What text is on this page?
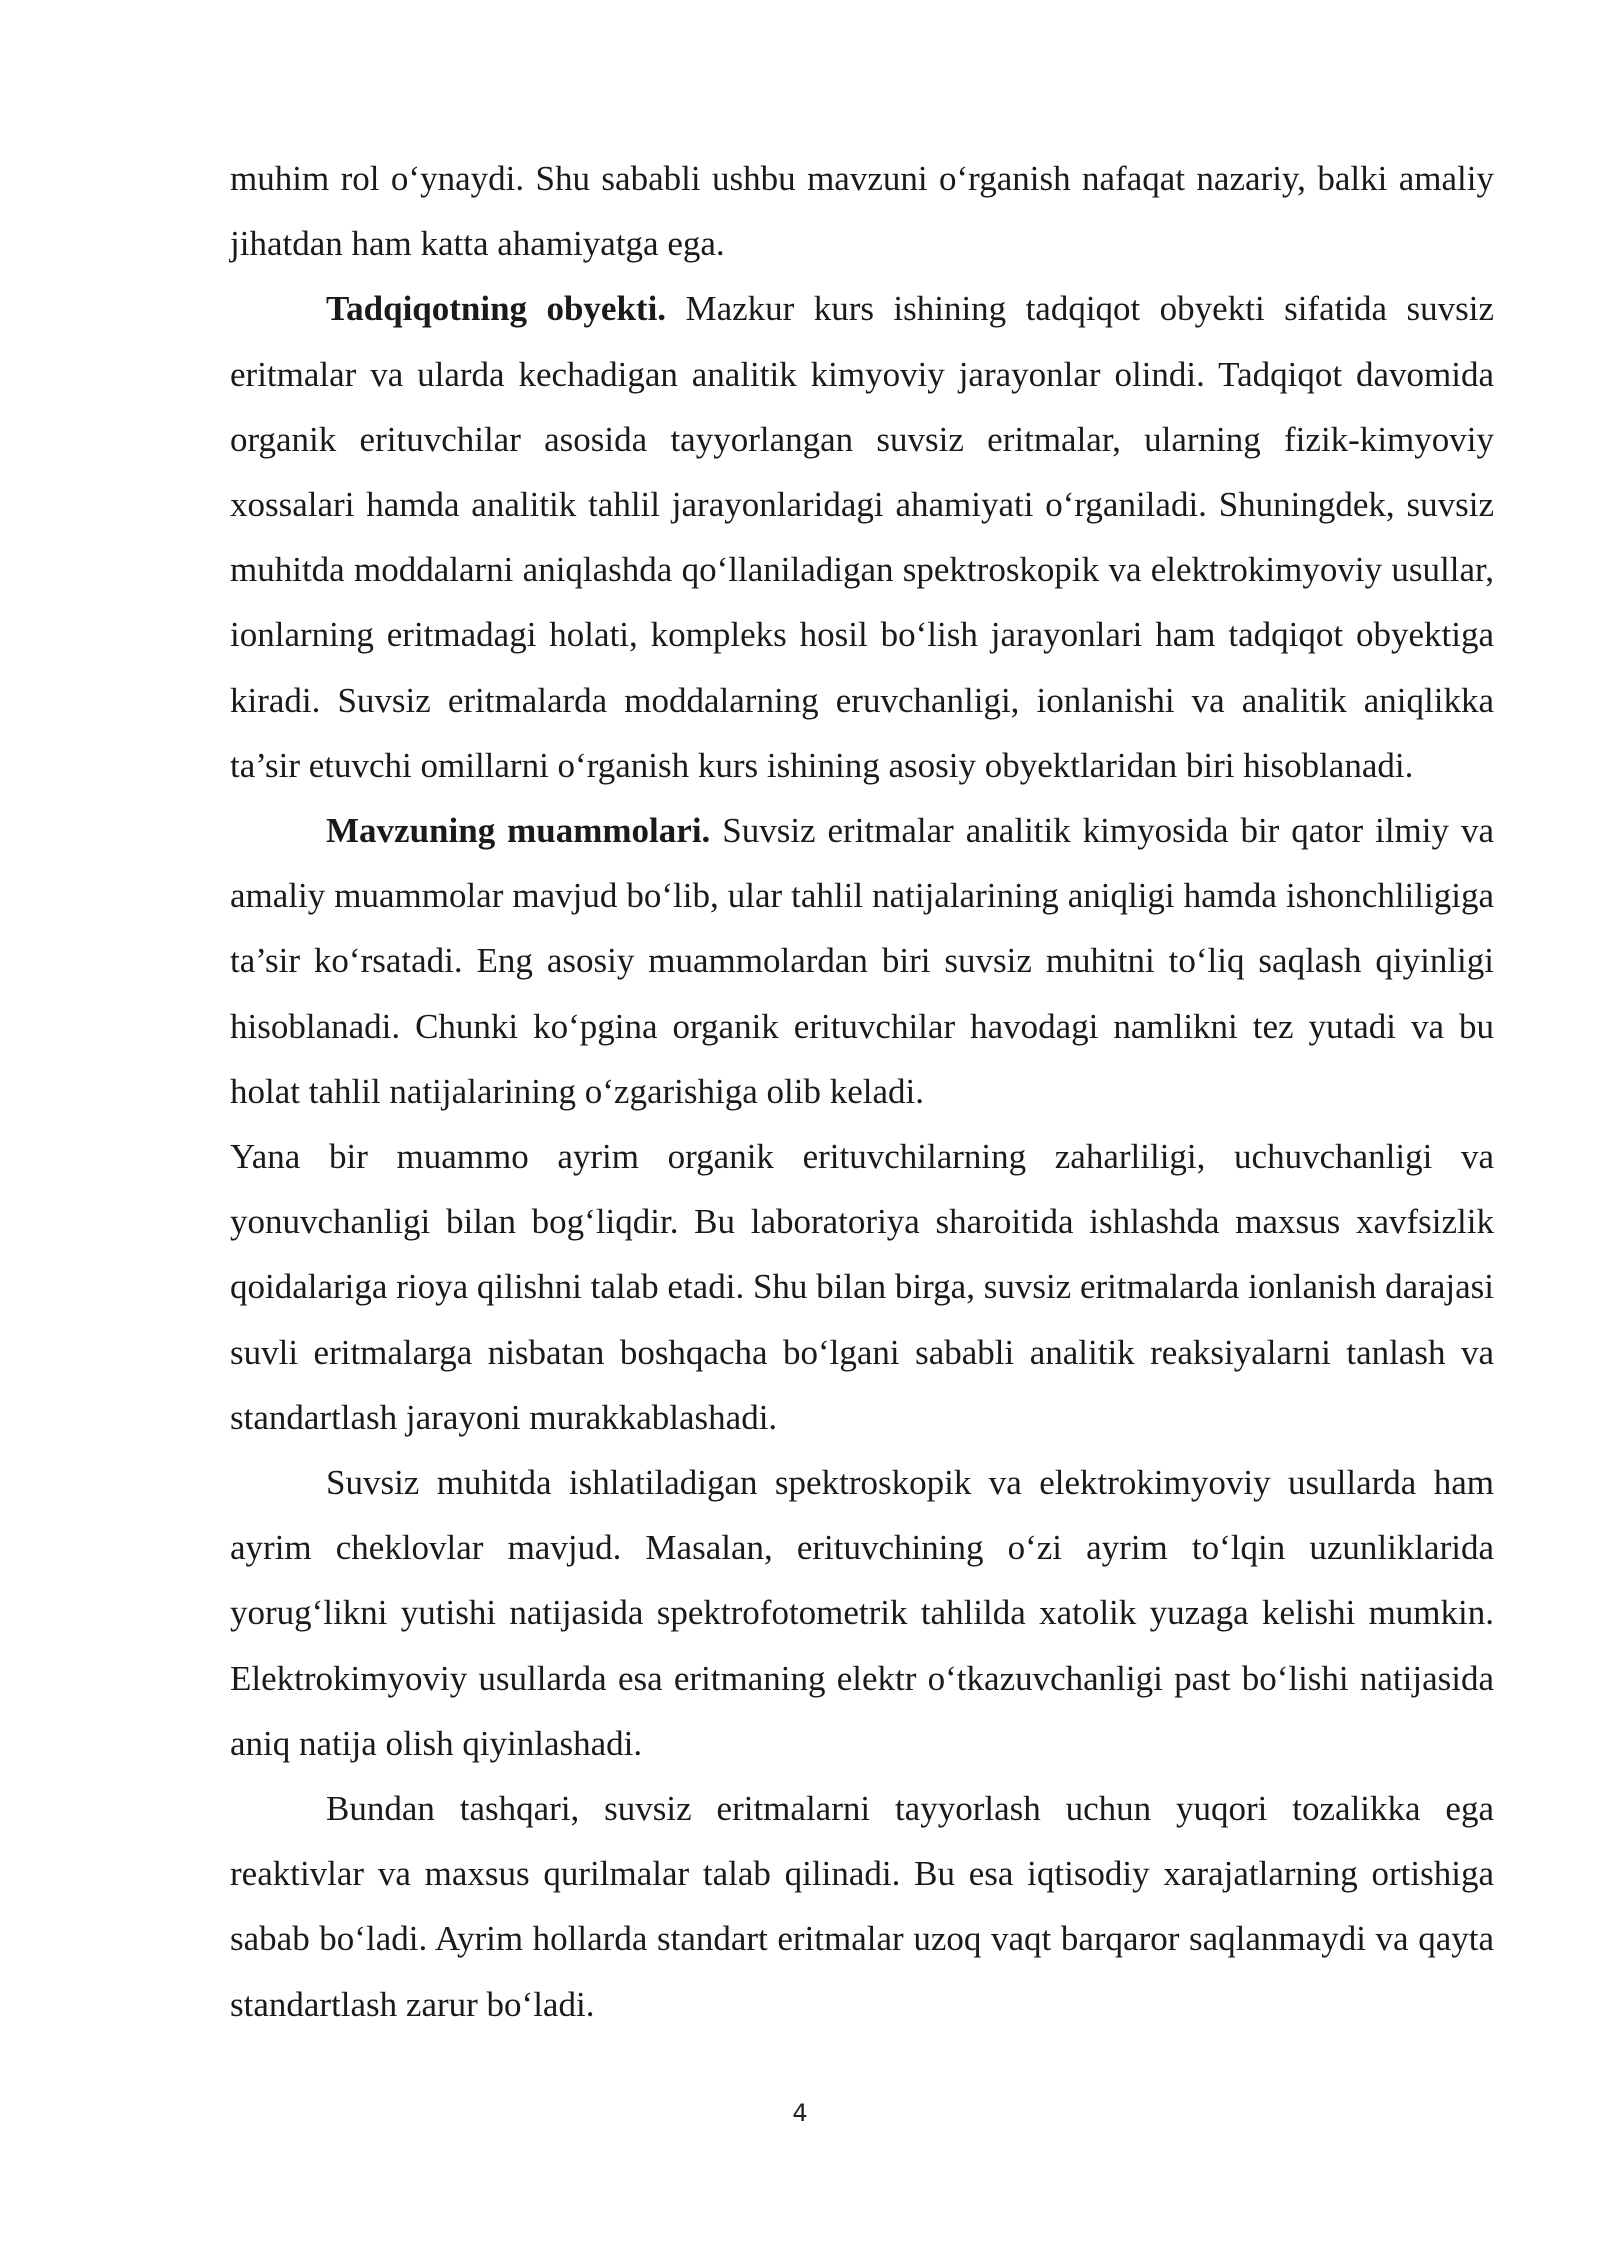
muhim rol o‘ynaydi. Shu sababli ushbu mavzuni o‘rganish nafaqat nazariy, balki amaliy jihatdan ham katta ahamiyatga ega.

Tadqiqotning obyekti. Mazkur kurs ishining tadqiqot obyekti sifatida suvsiz eritmalar va ularda kechadigan analitik kimyoviy jarayonlar olindi. Tadqiqot davomida organik erituvchilar asosida tayyorlangan suvsiz eritmalar, ularning fizik-kimyoviy xossalari hamda analitik tahlil jarayonlaridagi ahamiyati o‘rganiladi. Shuningdek, suvsiz muhitda moddalarni aniqlashda qo‘llaniladigan spektroskopik va elektrokimyoviy usullar, ionlarning eritmadagi holati, kompleks hosil bo‘lish jarayonlari ham tadqiqot obyektiga kiradi. Suvsiz eritmalarda moddalarning eruvchanligi, ionlanishi va analitik aniqlikka ta’sir etuvchi omillarni o‘rganish kurs ishining asosiy obyektlaridan biri hisoblanadi.

Mavzuning muammolari. Suvsiz eritmalar analitik kimyosida bir qator ilmiy va amaliy muammolar mavjud bo‘lib, ular tahlil natijalarining aniqligi hamda ishonchliligiga ta’sir ko‘rsatadi. Eng asosiy muammolardan biri suvsiz muhitni to‘liq saqlash qiyinligi hisoblanadi. Chunki ko‘pgina organik erituvchilar havodagi namlikni tez yutadi va bu holat tahlil natijalarining o‘zgarishiga olib keladi.

Yana bir muammo ayrim organik erituvchilarning zaharliligi, uchuvchanligi va yonuvchanligi bilan bog‘liqdir. Bu laboratoriya sharoitida ishlashda maxsus xavfsizlik qoidalariga rioya qilishni talab etadi. Shu bilan birga, suvsiz eritmalarda ionlanish darajasi suvli eritmalarga nisbatan boshqacha bo‘lgani sababli analitik reaksiyalarni tanlash va standartlash jarayoni murakkablashadi.

Suvsiz muhitda ishlatiladigan spektroskopik va elektrokimyoviy usullarda ham ayrim cheklovlar mavjud. Masalan, erituvchining o‘zi ayrim to‘lqin uzunliklarida yorug‘likni yutishi natijasida spektrofotometrik tahlilda xatolik yuzaga kelishi mumkin. Elektrokimyoviy usullarda esa eritmaning elektr o‘tkazuvchanligi past bo‘lishi natijasida aniq natija olish qiyinlashadi.

Bundan tashqari, suvsiz eritmalarni tayyorlash uchun yuqori tozalikka ega reaktivlar va maxsus qurilmalar talab qilinadi. Bu esa iqtisodiy xarajatlarning ortishiga sabab bo‘ladi. Ayrim hollarda standart eritmalar uzoq vaqt barqaror saqlanmaydi va qayta standartlash zarur bo‘ladi.

4
